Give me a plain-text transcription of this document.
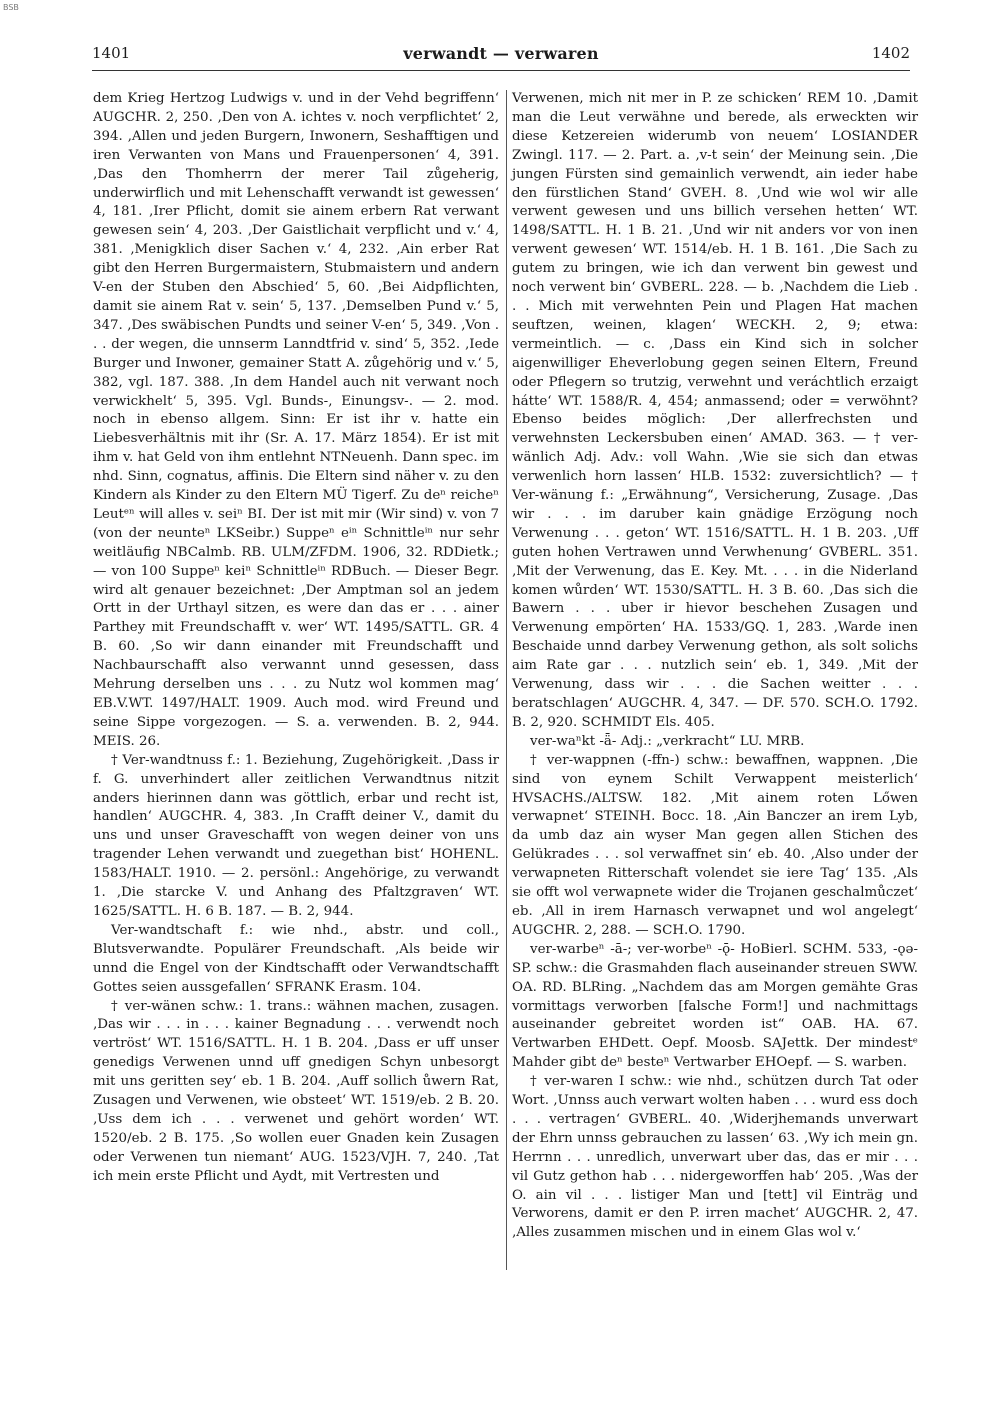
BSB
1401	verwandt — verwaren	1402

dem Krieg Hertzog Ludwigs v. und in der Vehd begriffenn‘ AUGCHR. 2, 250. ‚Den von A. ichtes v. noch verpflichtet‘ 2, 394. ‚Allen und jeden Burgern, Inwonern, Seshafftigen und iren Verwanten von Mans und Frauenpersonen‘ 4, 391. ‚Das den Thomherrn der merer Tail zůgeherig, underwirflich und mit Lehenschafft verwandt ist gewessen‘ 4, 181. ‚Irer Pflicht, domit sie ainem erbern Rat verwant gewesen sein‘ 4, 203. ‚Der Gaistlichait verpflicht und v.‘ 4, 381. ‚Menigklich diser Sachen v.‘ 4, 232. ‚Ain erber Rat gibt den Herren Burgermaistern, Stubmaistern und andern V-en der Stuben den Abschied‘ 5, 60. ‚Bei Aidpflichten, damit sie ainem Rat v. sein‘ 5, 137. ‚Demselben Pund v.‘ 5, 347. ‚Des swäbischen Pundts und seiner V-en‘ 5, 349. ‚Von . . . der wegen, die unnserm Lanndtfrid v. sind‘ 5, 352. ‚Iede Burger und Inwoner, gemainer Statt A. zůgehörig und v.‘ 5, 382, vgl. 187. 388. ‚In dem Handel auch nit verwant noch verwickhelt‘ 5, 395. Vgl. Bunds-, Einungsv-. — 2. mod. noch in ebenso allgem. Sinn: Er ist ihr v. hatte ein Liebesverhältnis mit ihr (Sr. A. 17. März 1854). Er ist mit ihm v. hat Geld von ihm entlehnt NTNeuenh. Dann spec. im nhd. Sinn, cognatus, affinis. Die Eltern sind näher v. zu den Kindern als Kinder zu den Eltern MÜ Tigerf. Zu deⁿ reicheⁿ Leutᵉⁿ will alles v. seiⁿ BI. Der ist mit mir (Wir sind) v. von 7 (von der neunteⁿ LKSeibr.) Suppeⁿ eⁱⁿ Schnittleⁱⁿ nur sehr weitläufig NBCalmb. RB. ULM/ZFDM. 1906, 32. RDDietk.; — von 100 Suppeⁿ keiⁿ Schnittleⁱⁿ RDBuch. — Dieser Begr. wird alt genauer bezeichnet: ‚Der Amptman sol an jedem Ortt in der Urthayl sitzen, es were dan das er . . . ainer Parthey mit Freundschafft v. wer‘ WT. 1495/SATTL. GR. 4 B. 60. ‚So wir dann einander mit Freundschafft und Nachbaurschafft also verwannt unnd gesessen, dass Mehrung derselben uns . . . zu Nutz wol kommen mag‘ EB.V.WT. 1497/HALT. 1909. Auch mod. wird Freund und seine Sippe vorgezogen. — S. a. verwenden. B. 2, 944. MEIS. 26.

† Ver-wandtnuss f.: 1. Beziehung, Zugehörigkeit. ‚Dass ir f. G. unverhindert aller zeitlichen Verwandtnus nitzit anders hierinnen dann was göttlich, erbar und recht ist, handlen‘ AUGCHR. 4, 383. ‚In Crafft deiner V., damit du uns und unser Graveschafft von wegen deiner von uns tragender Lehen verwandt und zuegethan bist‘ HOHENL. 1583/HALT. 1910. — 2. persönl.: Angehörige, zu verwandt 1. ‚Die starcke V. und Anhang des Pfaltzgraven‘ WT. 1625/SATTL. H. 6 B. 187. — B. 2, 944.

Ver-wandtschaft f.: wie nhd., abstr. und coll., Blutsverwandte. Populärer Freundschaft. ‚Als beide wir unnd die Engel von der Kindtschafft oder Verwandtschafft Gottes seien aussgefallen‘ SFRANK Erasm. 104.

† ver-wänen schw.: 1. trans.: wähnen machen, zusagen. ‚Das wir . . . in . . . kainer Begnadung . . . verwendt noch vertröst‘ WT. 1516/SATTL. H. 1 B. 204. ‚Dass er uff unser genedigs Verwenen unnd uff gnedigen Schyn unbesorgt mit uns geritten sey‘ eb. 1 B. 204. ‚Auff sollich ůwern Rat, Zusagen und Verwenen, wie obsteet‘ WT. 1519/eb. 2 B. 20. ‚Uss dem ich . . . verwenet und gehört worden‘ WT. 1520/eb. 2 B. 175. ‚So wollen euer Gnaden kein Zusagen oder Verwenen tun niemant‘ AUG. 1523/VJH. 7, 240. ‚Tat ich mein erste Pflicht und Aydt, mit Vertresten und

Verwenen, mich nit mer in P. ze schicken‘ REM 10. ‚Damit man die Leut verwähne und berede, als erweckten wir diese Ketzereien widerumb von neuem‘ LOSIANDER Zwingl. 117. — 2. Part. a. ‚v-t sein‘ der Meinung sein. ‚Die jungen Fürsten sind gemainlich verwendt, ain ieder habe den fürstlichen Stand‘ GVEH. 8. ‚Und wie wol wir alle verwent gewesen und uns billich versehen hetten‘ WT. 1498/SATTL. H. 1 B. 21. ‚Und wir nit anders vor von inen verwent gewesen‘ WT. 1514/eb. H. 1 B. 161. ‚Die Sach zu gutem zu bringen, wie ich dan verwent bin gewest und noch verwent bin‘ GVBERL. 228. — b. ‚Nachdem die Lieb . . . Mich mit verwehnten Pein und Plagen Hat machen seuftzen, weinen, klagen‘ WECKH. 2, 9; etwa: vermeintlich. — c. ‚Dass ein Kind sich in solcher aigenwilliger Eheverlobung gegen seinen Eltern, Freund oder Pflegern so trutzig, verwehnt und veráchtlich erzaigt hátte‘ WT. 1588/R. 4, 454; anmassend; oder = verwöhnt? Ebenso beides möglich: ‚Der allerfrechsten und verwehnsten Leckersbuben einen‘ AMAD. 363. — † ver-wänlich Adj. Adv.: voll Wahn. ‚Wie sie sich dan etwas verwenlich horn lassen‘ HLB. 1532: zuversichtlich? — † Ver-wänung f.: „Erwähnung“, Versicherung, Zusage. ‚Das wir . . . im daruber kain gnädige Erzögung noch Verwenung . . . geton‘ WT. 1516/SATTL. H. 1 B. 203. ‚Uff guten hohen Vertrawen unnd Verwhenung‘ GVBERL. 351. ‚Mit der Verwenung, das E. Key. Mt. . . . in die Niderland komen wůrden‘ WT. 1530/SATTL. H. 3 B. 60. ‚Das sich die Bawern . . . uber ir hievor beschehen Zusagen und Verwenung empörten‘ HA. 1533/GQ. 1, 283. ‚Warde inen Beschaide unnd darbey Verwenung gethon, als solt solichs aim Rate gar . . . nutzlich sein‘ eb. 1, 349. ‚Mit der Verwenung, dass wir . . . die Sachen weitter . . . beratschlagen‘ AUGCHR. 4, 347. — DF. 570. SCH.O. 1792. B. 2, 920. SCHMIDT Els. 405.

ver-waⁿkt -ǟ- Adj.: „verkracht“ LU. MRB.

† ver-wappnen (-ffn-) schw.: bewaffnen, wappnen. ‚Die sind von eynem Schilt Verwappent meisterlich‘ HVSACHS./ALTSW. 182. ‚Mit ainem roten Lőwen verwapnet‘ STEINH. Bocc. 18. ‚Ain Banczer an irem Lyb, da umb daz ain wyser Man gegen allen Stichen des Gelükrades . . . sol verwaffnet sin‘ eb. 40. ‚Also under der verwapneten Ritterschaft volendet sie iere Tag‘ 135. ‚Als sie offt wol verwapnete wider die Trojanen geschalmůczet‘ eb. ‚All in irem Harnasch verwapnet und wol angelegt‘ AUGCHR. 2, 288. — SCH.O. 1790.

ver-warbeⁿ -ā-; ver-worbeⁿ -ǭ- HoBierl. SCHM. 533, -ǫə- SP. schw.: die Grasmahden flach auseinander streuen SWW. OA. RD. BLRing. „Nachdem das am Morgen gemähte Gras vormittags verworben [falsche Form!] und nachmittags auseinander gebreitet worden ist“ OAB. HA. 67. Vertwarben EHDett. Oepf. Moosb. SAJettk. Der mindestᵉ Mahder gibt deⁿ besteⁿ Vertwarber EHOepf. — S. warben.

† ver-waren I schw.: wie nhd., schützen durch Tat oder Wort. ‚Unnss auch verwart wolten haben . . . wurd ess doch . . . vertragen‘ GVBERL. 40. ‚Widerjhemands unverwart der Ehrn unnss gebrauchen zu lassen‘ 63. ‚Wy ich mein gn. Herrnn . . . unredlich, unverwart uber das, das er mir . . . vil Gutz gethon hab . . . nidergeworffen hab‘ 205. ‚Was der O. ain vil . . . listiger Man und [tett] vil Einträg und Verworens, damit er den P. irren machet‘ AUGCHR. 2, 47. ‚Alles zusammen mischen und in einem Glas wol v.‘
